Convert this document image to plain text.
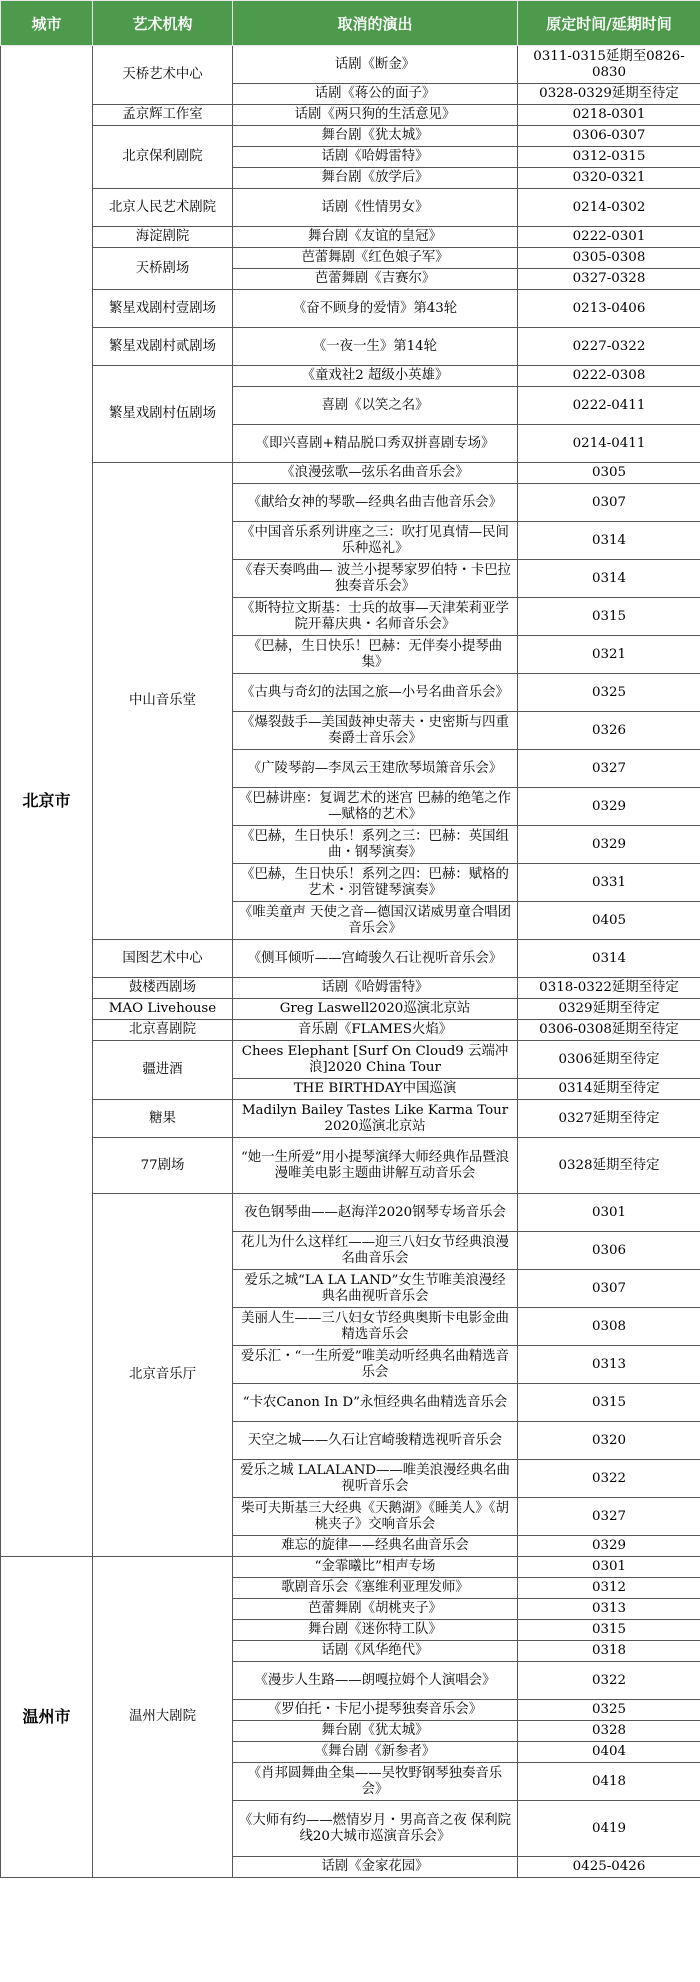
城市	艺术机构	取消的演出	原定时间/延期时间
北京市	天桥艺术中心	话剧《断金》	0311-0315延期至0826-0830
		话剧《蒋公的面子》	0328-0329延期至待定
	孟京辉工作室	话剧《两只狗的生活意见》	0218-0301
	北京保利剧院	舞台剧《犹太城》	0306-0307
		话剧《哈姆雷特》	0312-0315
		舞台剧《放学后》	0320-0321
	北京人民艺术剧院	话剧《性情男女》	0214-0302
	海淀剧院	舞台剧《友谊的皇冠》	0222-0301
	天桥剧场	芭蕾舞剧《红色娘子军》	0305-0308
		芭蕾舞剧《吉赛尔》	0327-0328
	繁星戏剧村壹剧场	《奋不顾身的爱情》第43轮	0213-0406
	繁星戏剧村贰剧场	《一夜一生》第14轮	0227-0322
	繁星戏剧村伍剧场	《童戏社2 超级小英雄》	0222-0308
		喜剧《以笑之名》	0222-0411
		《即兴喜剧+精品脱口秀双拼喜剧专场》	0214-0411
	中山音乐堂	《浪漫弦歌—弦乐名曲音乐会》	0305
		《献给女神的琴歌—经典名曲吉他音乐会》	0307
		《中国音乐系列讲座之三：吹打见真情—民间乐种巡礼》	0314
		《春天奏鸣曲— 波兰小提琴家罗伯特・卡巴拉独奏音乐会》	0314
		《斯特拉文斯基：士兵的故事—天津茱莉亚学院开幕庆典・名师音乐会》	0315
		《巴赫，生日快乐！巴赫：无伴奏小提琴曲集》	0321
		《古典与奇幻的法国之旅—小号名曲音乐会》	0325
		《爆裂鼓手—美国鼓神史蒂夫・史密斯与四重奏爵士音乐会》	0326
		《广陵琴韵—李凤云王建欣琴埙箫音乐会》	0327
		《巴赫讲座：复调艺术的迷宫 巴赫的绝笔之作—赋格的艺术》	0329
		《巴赫，生日快乐！系列之三：巴赫：英国组曲・钢琴演奏》	0329
		《巴赫，生日快乐！系列之四：巴赫：赋格的艺术・羽管键琴演奏》	0331
		《唯美童声 天使之音—德国汉诺威男童合唱团音乐会》	0405
	国图艺术中心	《侧耳倾听——宫崎骏久石让视听音乐会》	0314
	鼓楼西剧场	话剧《哈姆雷特》	0318-0322延期至待定
	MAO Livehouse	Greg Laswell2020巡演北京站	0329延期至待定
	北京喜剧院	音乐剧《FLAMES火焰》	0306-0308延期至待定
	疆进酒	Chees Elephant [Surf On Cloud9 云端冲浪]2020 China Tour	0306延期至待定
		THE BIRTHDAY中国巡演	0314延期至待定
	糖果	Madilyn Bailey Tastes Like Karma Tour 2020巡演北京站	0327延期至待定
	77剧场	“她一生所爱”用小提琴演绎大师经典作品暨浪漫唯美电影主题曲讲解互动音乐会	0328延期至待定
	北京音乐厅	夜色钢琴曲——赵海洋2020钢琴专场音乐会	0301
		花儿为什么这样红——迎三八妇女节经典浪漫名曲音乐会	0306
		爱乐之城“LA LA LAND”女生节唯美浪漫经典名曲视听音乐会	0307
		美丽人生——三八妇女节经典奥斯卡电影金曲精选音乐会	0308
		爱乐汇・“一生所爱”唯美动听经典名曲精选音乐会	0313
		“卡农Canon In D”永恒经典名曲精选音乐会	0315
		天空之城——久石让宫崎骏精选视听音乐会	0320
		爱乐之城 LALALAND——唯美浪漫经典名曲视听音乐会	0322
		柴可夫斯基三大经典《天鹅湖》《睡美人》《胡桃夹子》交响音乐会	0327
		难忘的旋律——经典名曲音乐会	0329
温州市	温州大剧院	“金霏曦比”相声专场	0301
		歌剧音乐会《塞维利亚理发师》	0312
		芭蕾舞剧《胡桃夹子》	0313
		舞台剧《迷你特工队》	0315
		话剧《风华绝代》	0318
		《漫步人生路——朗嘎拉姆个人演唱会》	0322
		《罗伯托・卡尼小提琴独奏音乐会》	0325
		舞台剧《犹太城》	0328
		《舞台剧《新参者》	0404
		《肖邦圆舞曲全集——吴牧野钢琴独奏音乐会》	0418
		《大师有约——燃情岁月・男高音之夜 保利院线20大城市巡演音乐会》	0419
		话剧《金家花园》	0425-0426
